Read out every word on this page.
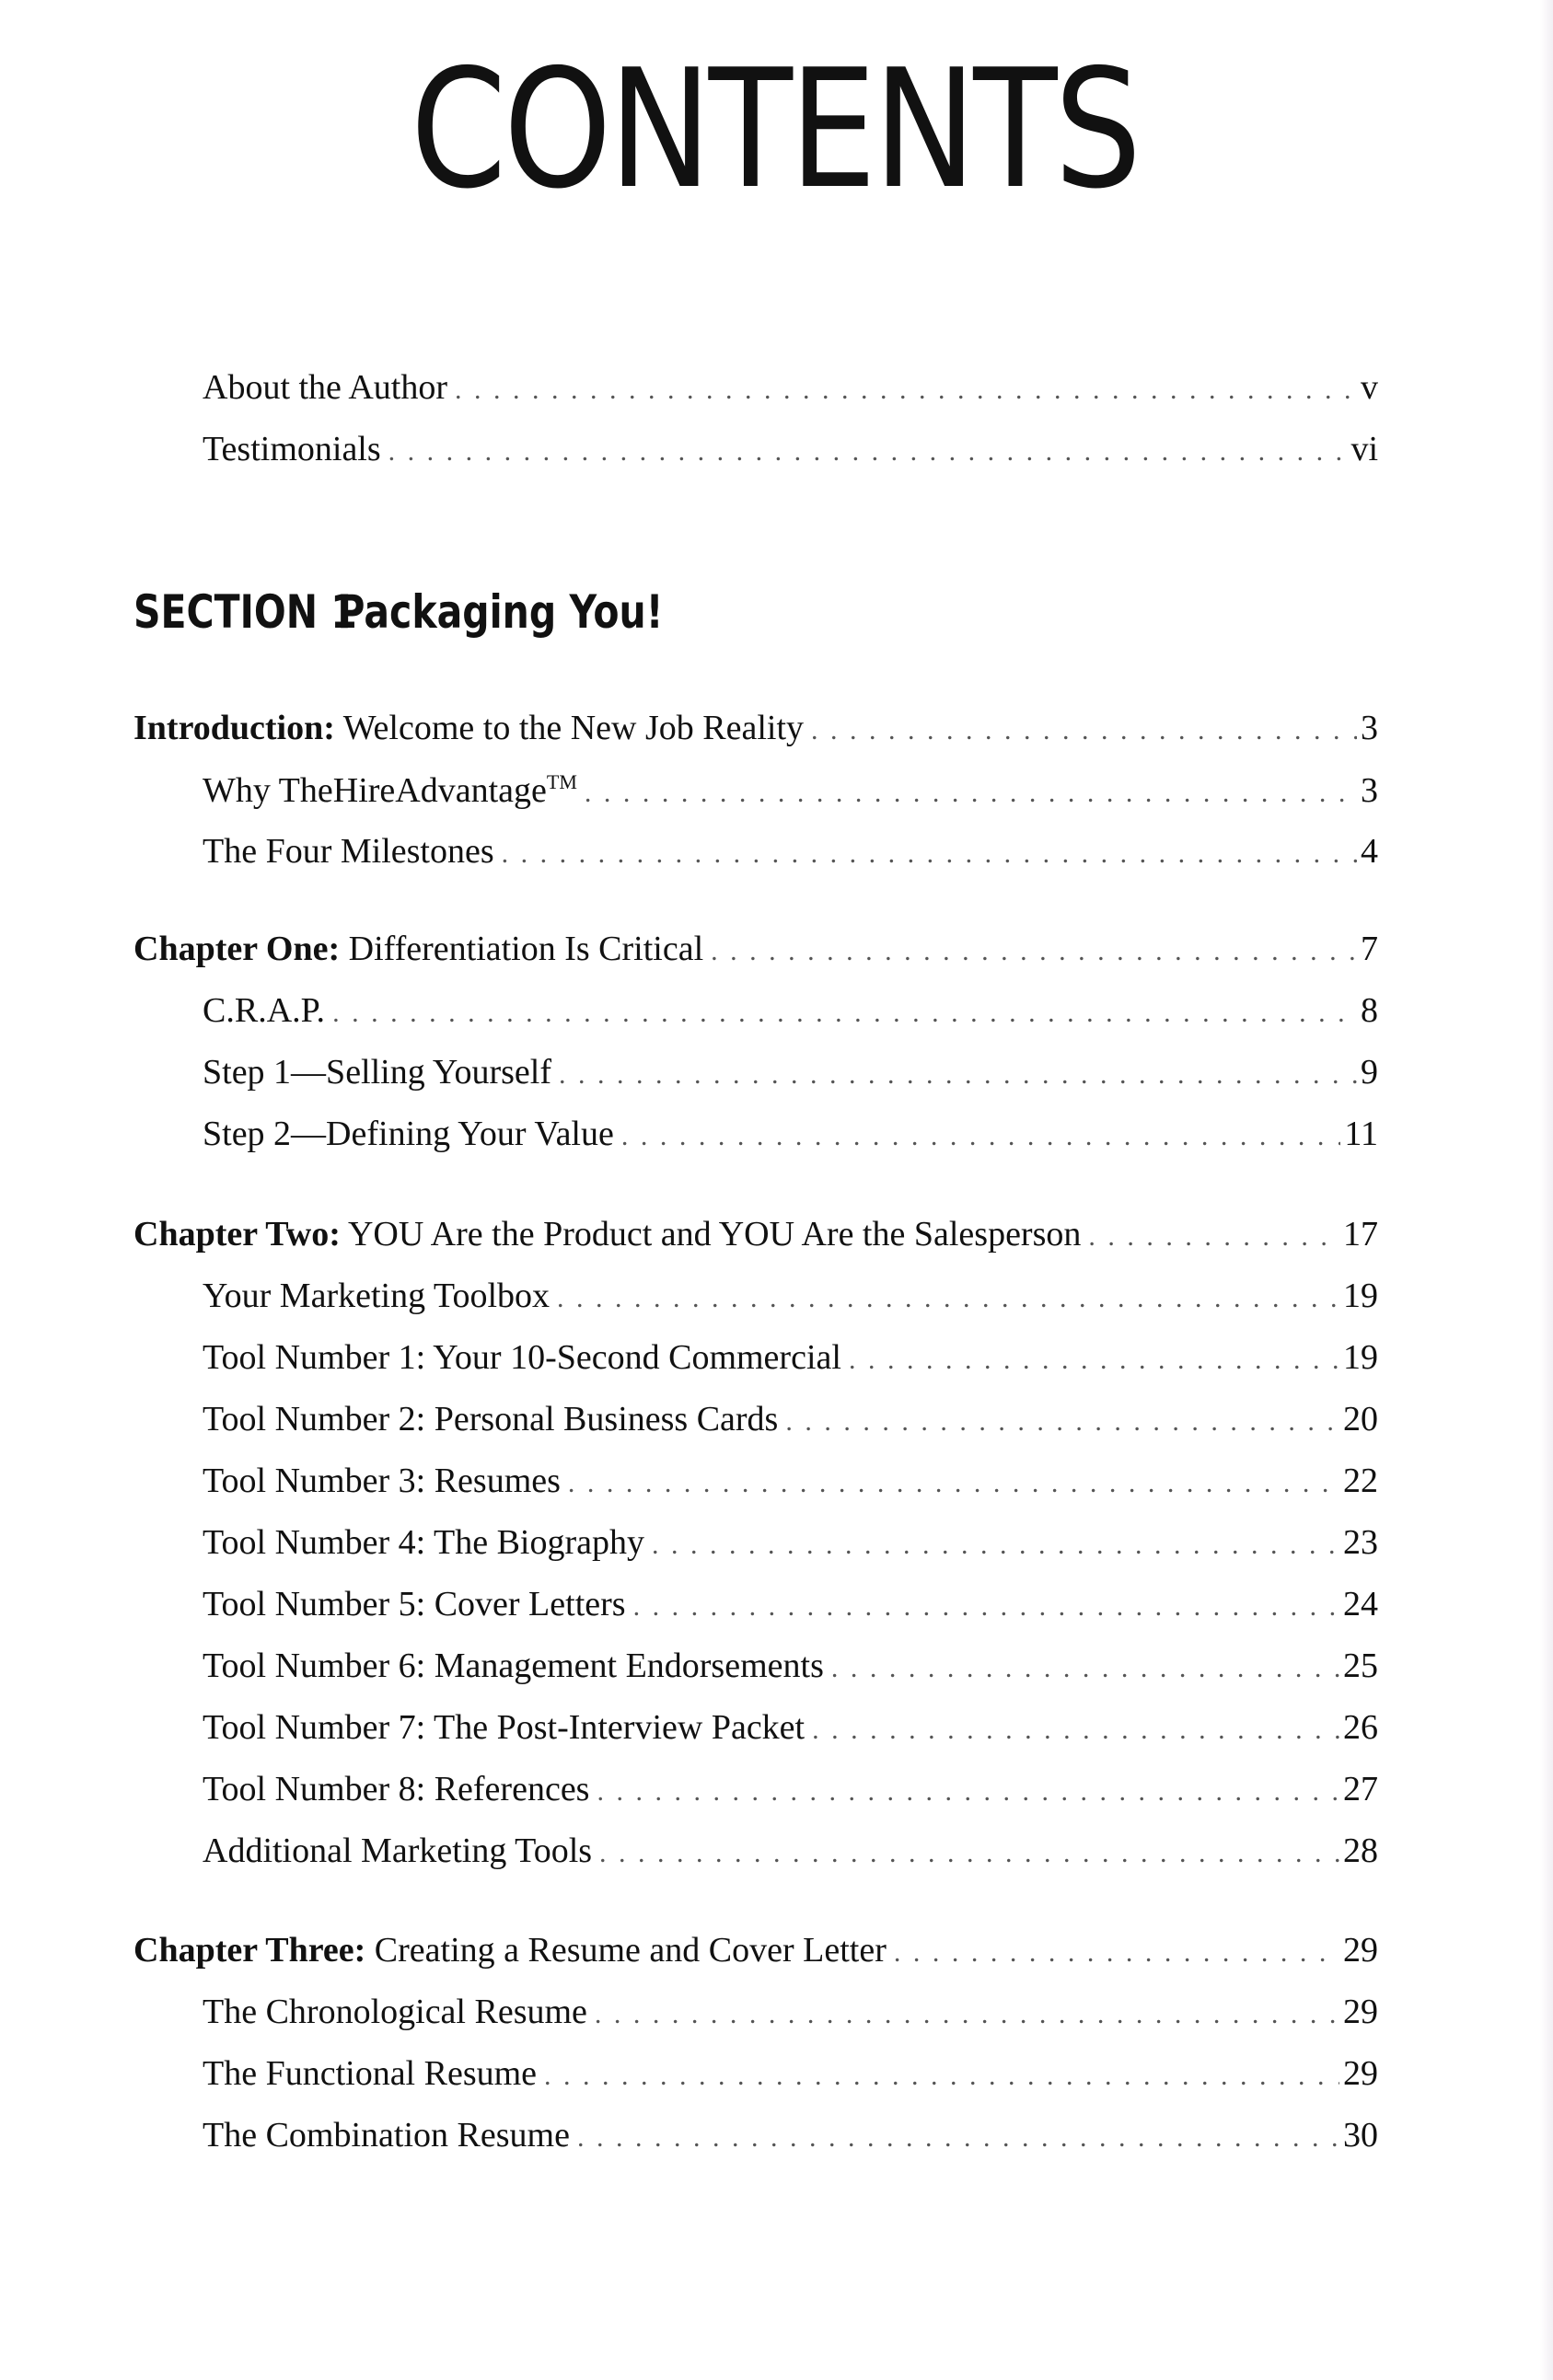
CONTENTS
About the Author . . .	v
Testimonials . . .	vi
SECTION 1Packaging You!
Introduction: Welcome to the New Job Reality . . .	3
Why TheHireAdvantage™ . . .	3
The Four Milestones . . .	4
Chapter One: Differentiation Is Critical . . .	7
C.R.A.P. . . .	8
Step 1—Selling Yourself . . .	9
Step 2—Defining Your Value . . .	11
Chapter Two: YOU Are the Product and YOU Are the Salesperson . . .	17
Your Marketing Toolbox . . .	19
Tool Number 1: Your 10-Second Commercial . . .	19
Tool Number 2: Personal Business Cards . . .	20
Tool Number 3: Resumes . . .	22
Tool Number 4: The Biography . . .	23
Tool Number 5: Cover Letters . . .	24
Tool Number 6: Management Endorsements . . .	25
Tool Number 7: The Post-Interview Packet . . .	26
Tool Number 8: References . . .	27
Additional Marketing Tools . . .	28
Chapter Three: Creating a Resume and Cover Letter . . .	29
The Chronological Resume . . .	29
The Functional Resume . . .	29
The Combination Resume . . .	30
